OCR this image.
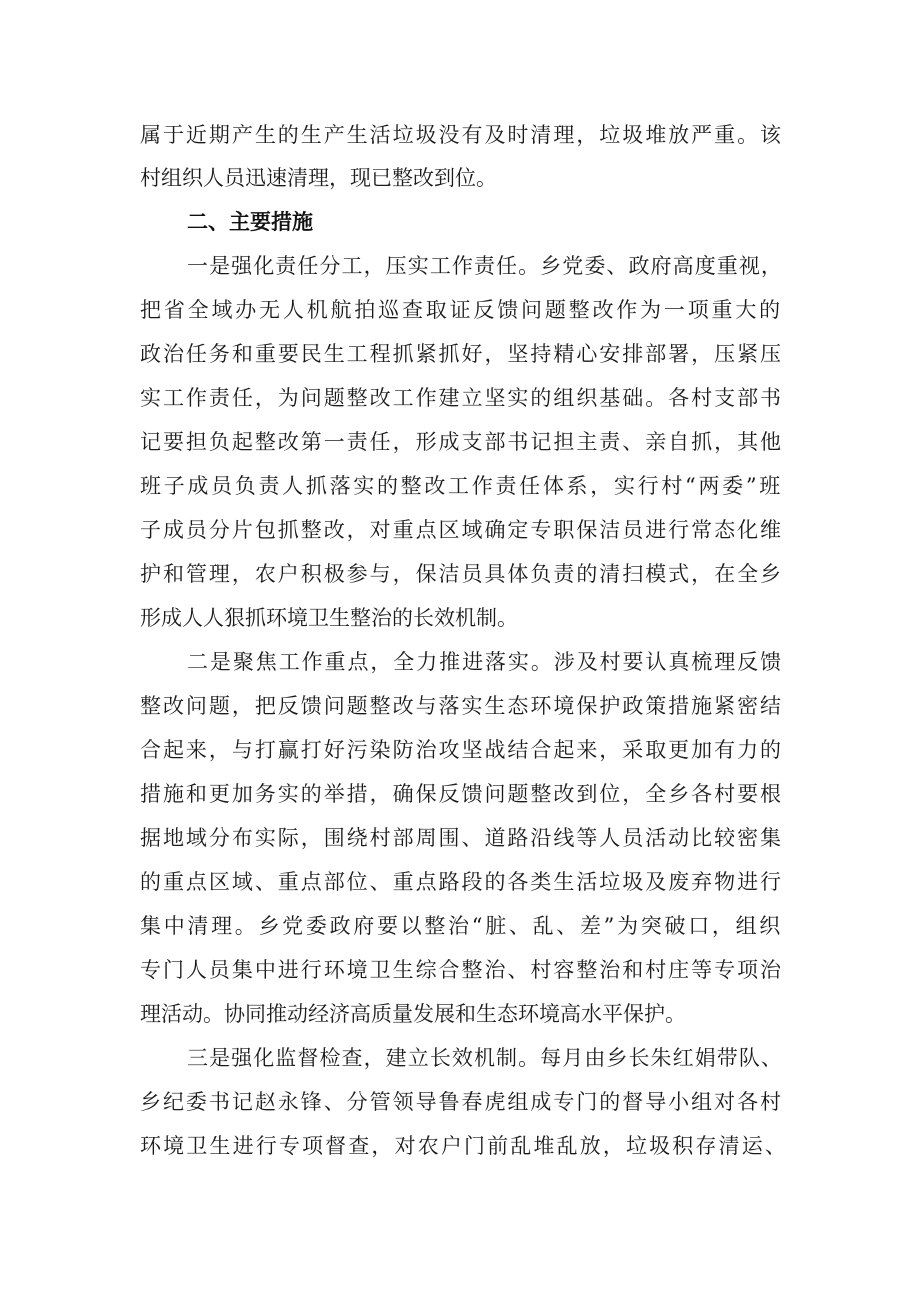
属于近期产生的生产生活垃圾没有及时清理，垃圾堆放严重。该
村组织人员迅速清理，现已整改到位。
二、主要措施
一是强化责任分工，压实工作责任。乡党委、政府高度重视，
把省全域办无人机航拍巡查取证反馈问题整改作为一项重大的
政治任务和重要民生工程抓紧抓好，坚持精心安排部署，压紧压
实工作责任，为问题整改工作建立坚实的组织基础。各村支部书
记要担负起整改第一责任，形成支部书记担主责、亲自抓，其他
班子成员负责人抓落实的整改工作责任体系，实行村“两委”班
子成员分片包抓整改，对重点区域确定专职保洁员进行常态化维
护和管理，农户积极参与，保洁员具体负责的清扫模式，在全乡
形成人人狠抓环境卫生整治的长效机制。
二是聚焦工作重点，全力推进落实。涉及村要认真梳理反馈
整改问题，把反馈问题整改与落实生态环境保护政策措施紧密结
合起来，与打赢打好污染防治攻坚战结合起来，采取更加有力的
措施和更加务实的举措，确保反馈问题整改到位，全乡各村要根
据地域分布实际，围绕村部周围、道路沿线等人员活动比较密集
的重点区域、重点部位、重点路段的各类生活垃圾及废弃物进行
集中清理。乡党委政府要以整治“脏、乱、差”为突破口，组织
专门人员集中进行环境卫生综合整治、村容整治和村庄等专项治
理活动。协同推动经济高质量发展和生态环境高水平保护。
三是强化监督检查，建立长效机制。每月由乡长朱红娟带队、
乡纪委书记赵永锋、分管领导鲁春虎组成专门的督导小组对各村
环境卫生进行专项督查，对农户门前乱堆乱放，垃圾积存清运、
